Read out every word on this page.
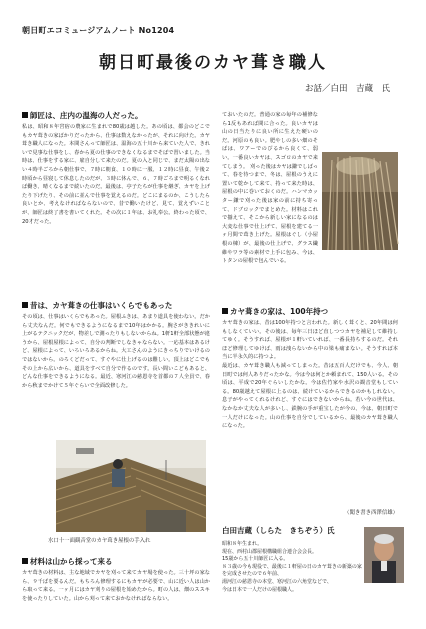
朝日町エコミュージアムノート No1204
朝日町最後のカヤ葺き職人
お話／白田　吉蔵　氏
師匠は、庄内の温海の人だった。
私は、昭和８年宮宿の農家に生まれで80歳は越した。あの頃は、都会のどこでもカヤ葺きの家ばかりだったから、仕事は数えなかったが、それに向けた。カヤ葺き職人になった。本間さんって師匠は、温海の五十川から来ていた人で、きれいで見事な仕事をし、春から夏の仕事のできなくなるまでそばで習いました。当時は、仕事をする家に、雇自分して来たのだ。夏の入と同じで、まだ太陽の出ない４時半ごろから朝仕事で、７時に朝食、１０時に一服、１２時に昼食、午後２時頃から昼寝して休息したのだが、３時に休んで、６、７時ごろまで明るくなれば働き、晴くなるまで続いたのだ。最後は、亭子たちが仕事を継ぎ、カヤを上げたり下げたり、その前に並んで仕事を覚えるのだ。どこにまるのか、こうしたら良いとか、考えなければならないので、昔で働いたけど、見て、覚えずいことが、師匠は終了書を書いてくれた。その次に１年は、お礼奉公。終わった頃で、20才だった。
ておいたのだ。普通の家の毎年の補修なら1反もあれば間に合った。良いカヤは山の日当たりに良い所に生えた硬いのだ。河原のも良い。肥やしの多い畑のそばは、ワアーでのびるから良くて、弱い。一番良いカヤは、スゴロのカヤで来てしまう。 刈った後はカヤは鎌でしばって、春を待つまで、冬は、屋根のうえに置いて乾かして来て、持って来た時は、屋根の中に巻いておくのだ。ハンマカッター鎌で刈った後は家の前に持ち寄って、ドブロックでまとめた。材料はこれで揃えて、そこから新しい家になるのは大変な仕事で仕上げて、屋根を建てる一ヶ月間で葺き上げた。屋根はぐし（小屋根の棟）が、最後の仕上げで、グラス繊維やワラ等の素材で上手に包み、今は、トタンの屋根で包んでいる。
昔は、カヤ葺きの仕事はいくらでもあった
その頃は、仕事はいくらでもあった。屋根ふきは、あまり道具を使わない。だから丈夫なんだ。何でもできるようになるまで10年はかかる。腕さがききれいに上がるテクニックだが、物差しで測ったりもしないからね。1軒1軒全部状態が違うから、屋根屋根によって、自分の判断でしなきゃならない。一応基本はあるけど、屋根によって、いろいろあるからね。大工さんのようにきっちりでいけるのではないから。のろくどだって、すぐやに仕上げるのは難しい。頂上はどこでもその上から広いから、道具をすべて自分で作るのです。長い間いこどもあると、どんな仕事をできるようになる。最近、寒河江の慈恩寺を首都の７人全員で、春から秋までかけて５年ぐらいで全面改修した。
水口十一面観音堂のカヤ葺き屋根の手入れ
材料は山から採って来る
カヤ葺きの材料は、主な地域でカヤを刈って来てカヤ場を使った。三十坪の家なら、９千ぱを要るんだ。もちろん修理するにもカヤが必要で、山に近い人は山から取って来る。一ヶ月にはカヤ刈りの屋根を始めたから。町の人は、畑のススキを使ったりしていた。山から刈って来ておかなければならない。
カヤ葺きの家は、100年持つ
カヤ葺きの家は、昔は100年持つと言われた。新しく葺くと、20年間は何もしなくていい。その後は、毎年三日ほど直しつつカヤを補足して維持してゆく。そうすれば、屋根が１軒いていれば、一番長持ちするのだ。それほど修理してゆけば、雨は洩らないから中の梁も痛まない。そうすれば本当に半永久的に持つよ。
最近は、カヤ葺き職人も減ってしまった。昔は五百人だけでも、今人、朝日町では何人ありだったかな。今は今は何とか頼まれて、150人いる。その頃は、平成で20年ぐらいしたかな。今は佐竹家や水沢の観音堂もしている。80歳越えて屋根に上るのは、続けているからできるのかもしれない。息子がやってくれるけれど、すぐにはできないからね。若い今の世代は、なかなか丈夫な人が多いし、鉄腕の手が重宝したが今の、今は、朝日町で一人だけになった。山の仕事を自分でしているから、最後のカヤ葺き職人になった。
（聞き書き西澤信雄）
白田吉蔵（しらた　きちぞう）氏
昭和８年生まれ。
現在、西村山郡屋根構職組合連合会会長。
15歳から五十川師匠に入る。
８３歳の今も現役で、最後に１軒屋の日のカヤ葺きの新築の家を完成させたので６年前、
湯河江の慈恩寺の本堂、寒河江の六角堂などで、
今は日本で一人だけの屋根職人。
